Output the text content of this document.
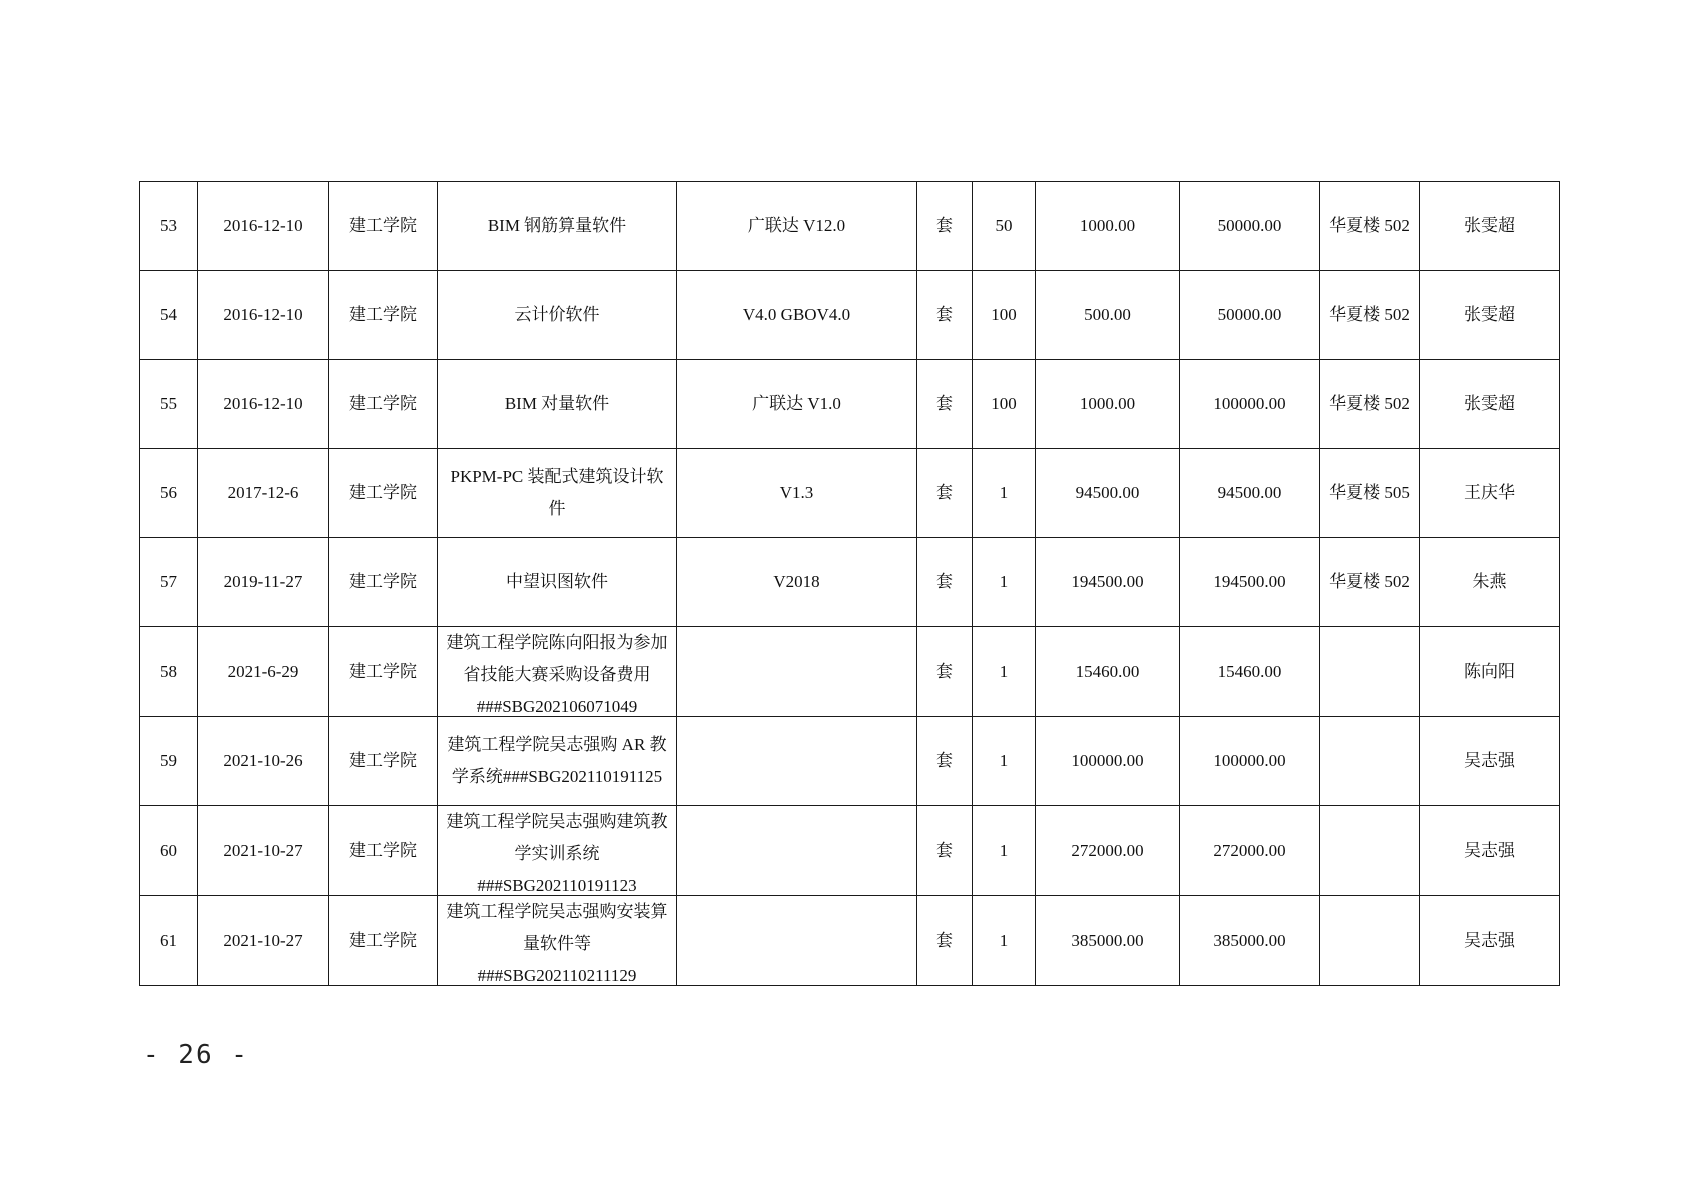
53	2016-12-10	建工学院	BIM 钢筋算量软件	广联达 V12.0	套	50	1000.00	50000.00	华夏楼 502	张雯超

54	2016-12-10	建工学院	云计价软件	V4.0 GBOV4.0	套	100	500.00	50000.00	华夏楼 502	张雯超

55	2016-12-10	建工学院	BIM 对量软件	广联达 V1.0	套	100	1000.00	100000.00	华夏楼 502	张雯超

56	2017-12-6	建工学院	PKPM-PC 装配式建筑设计软件	V1.3	套	1	94500.00	94500.00	华夏楼 505	王庆华

57	2019-11-27	建工学院	中望识图软件	V2018	套	1	194500.00	194500.00	华夏楼 502	朱燕

58	2021-6-29	建工学院	建筑工程学院陈向阳报为参加省技能大赛采购设备费用###SBG202106071049		套	1	15460.00	15460.00		陈向阳

59	2021-10-26	建工学院	建筑工程学院吴志强购 AR 教学系统###SBG202110191125		套	1	100000.00	100000.00		吴志强

60	2021-10-27	建工学院	建筑工程学院吴志强购建筑教学实训系统###SBG202110191123		套	1	272000.00	272000.00		吴志强

61	2021-10-27	建工学院	建筑工程学院吴志强购安装算量软件等###SBG202110211129		套	1	385000.00	385000.00		吴志强
- 26 -
